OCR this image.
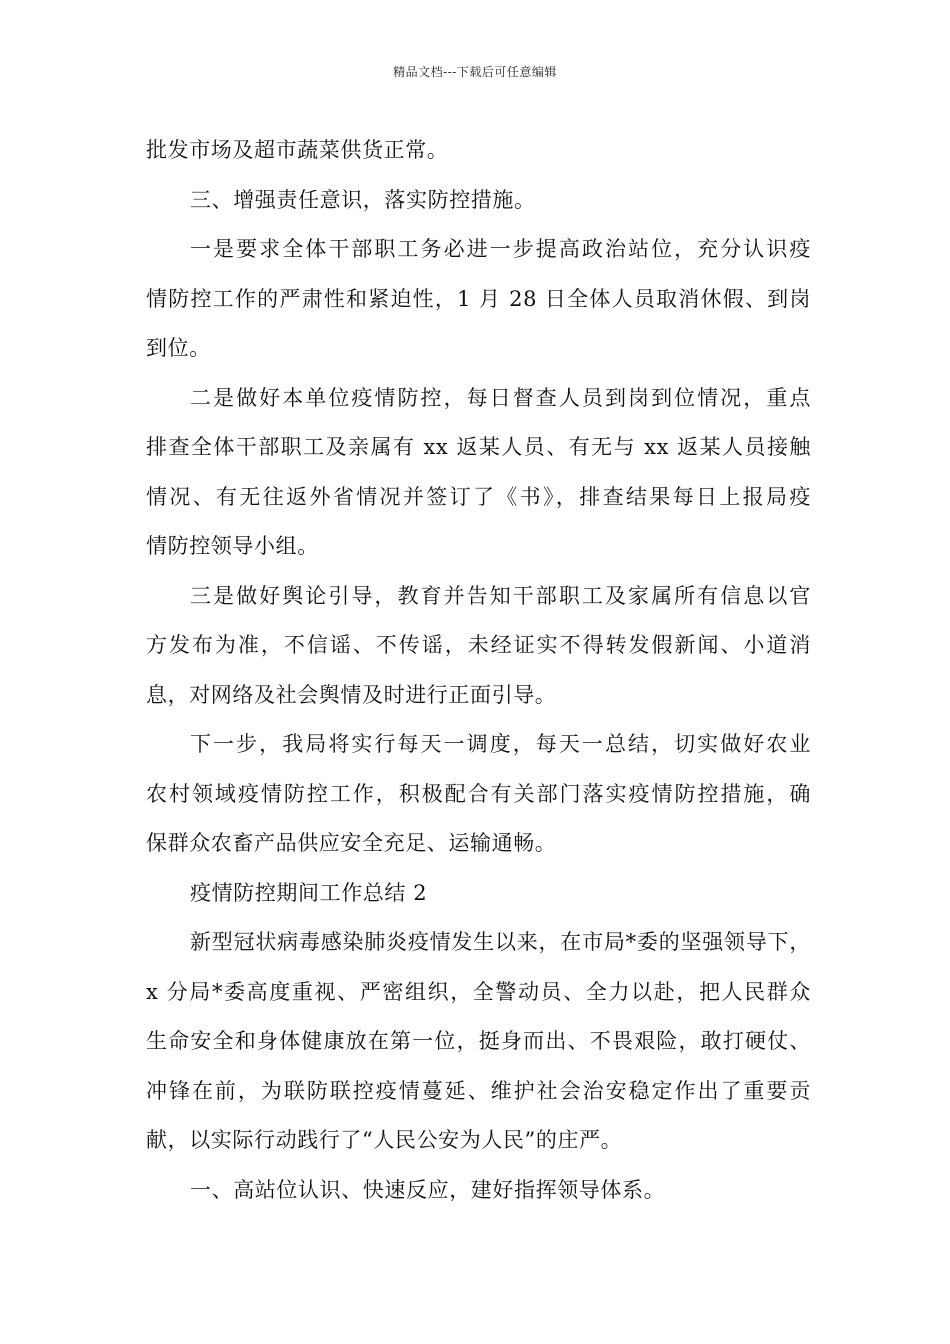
精品文档---下载后可任意编辑
批发市场及超市蔬菜供货正常。
三、增强责任意识，落实防控措施。
一是要求全体干部职工务必进一步提高政治站位，充分认识疫
情防控工作的严肃性和紧迫性，1 月 28 日全体人员取消休假、到岗
到位。
二是做好本单位疫情防控，每日督查人员到岗到位情况，重点
排查全体干部职工及亲属有 xx 返某人员、有无与 xx 返某人员接触
情况、有无往返外省情况并签订了《书》，排查结果每日上报局疫
情防控领导小组。
三是做好舆论引导，教育并告知干部职工及家属所有信息以官
方发布为准，不信谣、不传谣，未经证实不得转发假新闻、小道消
息，对网络及社会舆情及时进行正面引导。
下一步，我局将实行每天一调度，每天一总结，切实做好农业
农村领域疫情防控工作，积极配合有关部门落实疫情防控措施，确
保群众农畜产品供应安全充足、运输通畅。
疫情防控期间工作总结 2
新型冠状病毒感染肺炎疫情发生以来，在市局*委的坚强领导下，
x 分局*委高度重视、严密组织，全警动员、全力以赴，把人民群众
生命安全和身体健康放在第一位，挺身而出、不畏艰险，敢打硬仗、
冲锋在前，为联防联控疫情蔓延、维护社会治安稳定作出了重要贡
献，以实际行动践行了“人民公安为人民”的庄严。
一、高站位认识、快速反应，建好指挥领导体系。
